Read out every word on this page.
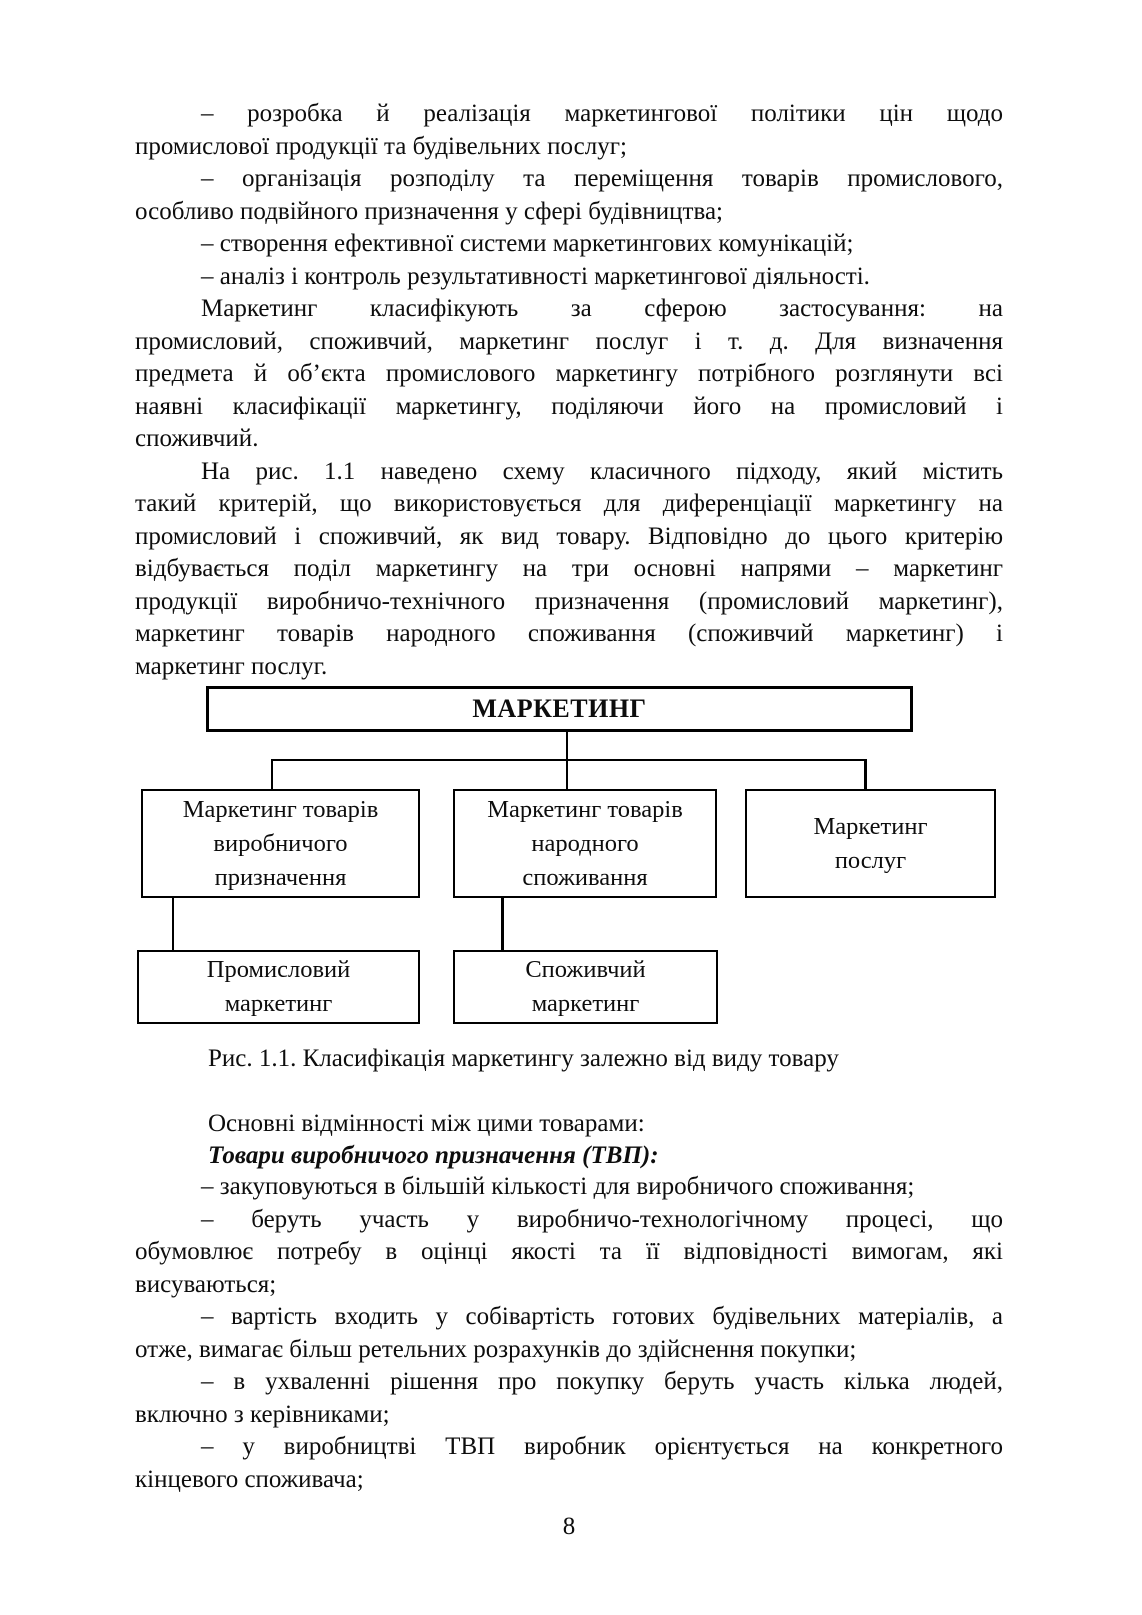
– розробка й реалізація маркетингової політики цін щодо
промислової продукції та будівельних послуг;
– організація розподілу та переміщення товарів промислового,
особливо подвійного призначення у сфері будівництва;
– створення ефективної системи маркетингових комунікацій;
– аналіз і контроль результативності маркетингової діяльності.
Маркетинг класифікують за сферою застосування: на
промисловий, споживчий, маркетинг послуг і т. д. Для визначення
предмета й об’єкта промислового маркетингу потрібного розглянути всі
наявні класифікації маркетингу, поділяючи його на промисловий і
споживчий.
На рис. 1.1 наведено схему класичного підходу, який містить
такий критерій, що використовується для диференціації маркетингу на
промисловий і споживчий, як вид товару. Відповідно до цього критерію
відбувається поділ маркетингу на три основні напрями – маркетинг
продукції виробничо-технічного призначення (промисловий маркетинг),
маркетинг товарів народного споживання (споживчий маркетинг) і
маркетинг послуг.
МАРКЕТИНГ
Маркетинг товарів
виробничого
призначення
Маркетинг товарів
народного
споживання
Маркетинг
послуг
Промисловий
маркетинг
Споживчий
маркетинг
Рис. 1.1. Класифікація маркетингу залежно від виду товару
Основні відмінності між цими товарами:
Товари виробничого призначення (ТВП):
– закуповуються в більшій кількості для виробничого споживання;
– беруть участь у виробничо-технологічному процесі, що
обумовлює потребу в оцінці якості та її відповідності вимогам, які
висуваються;
– вартість входить у собівартість готових будівельних матеріалів, а
отже, вимагає більш ретельних розрахунків до здійснення покупки;
– в ухваленні рішення про покупку беруть участь кілька людей,
включно з керівниками;
– у виробництві ТВП виробник орієнтується на конкретного
кінцевого споживача;
8
